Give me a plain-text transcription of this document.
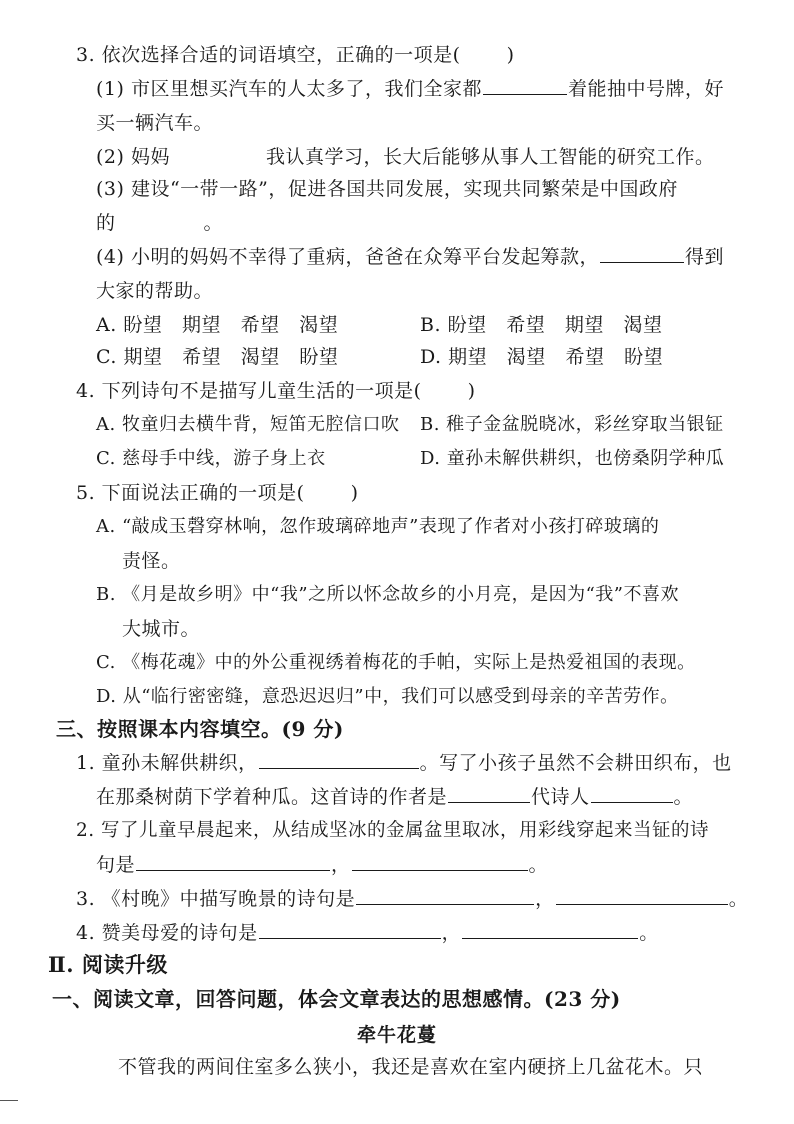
3. 依次选择合适的词语填空，正确的一项是( )
(1) 市区里想买汽车的人太多了，我们全家都	着能抽中号牌，好
买一辆汽车。
(2) 妈妈	我认真学习，长大后能够从事人工智能的研究工作。
(3) 建设“一带一路”，促进各国共同发展，实现共同繁荣是中国政府
的	。
(4) 小明的妈妈不幸得了重病，爸爸在众筹平台发起筹款，	得到
大家的帮助。
A. 盼望 期望 希望 渴望	B. 盼望 希望 期望 渴望
C. 期望 希望 渴望 盼望	D. 期望 渴望 希望 盼望
4. 下列诗句不是描写儿童生活的一项是( )
A. 牧童归去横牛背，短笛无腔信口吹 B. 稚子金盆脱晓冰，彩丝穿取当银钲
C. 慈母手中线，游子身上衣	D. 童孙未解供耕织，也傍桑阴学种瓜
5. 下面说法正确的一项是( )
A. “敲成玉磬穿林响，忽作玻璃碎地声”表现了作者对小孩打碎玻璃的
责怪。
B. 《月是故乡明》中“我”之所以怀念故乡的小月亮，是因为“我”不喜欢
大城市。
C. 《梅花魂》中的外公重视绣着梅花的手帕，实际上是热爱祖国的表现。
D. 从“临行密密缝，意恐迟迟归”中，我们可以感受到母亲的辛苦劳作。
三、按照课本内容填空。(9 分)
1. 童孙未解供耕织，	。写了小孩子虽然不会耕田织布，也
在那桑树荫下学着种瓜。这首诗的作者是	代诗人	。
2. 写了儿童早晨起来，从结成坚冰的金属盆里取冰，用彩线穿起来当钲的诗
句是	，	。
3. 《村晚》中描写晚景的诗句是	，	。
4. 赞美母爱的诗句是	，	。
Ⅱ. 阅读升级
一、阅读文章，回答问题，体会文章表达的思想感情。(23 分)
牵牛花蔓
不管我的两间住室多么狭小，我还是喜欢在室内硬挤上几盆花木。只
